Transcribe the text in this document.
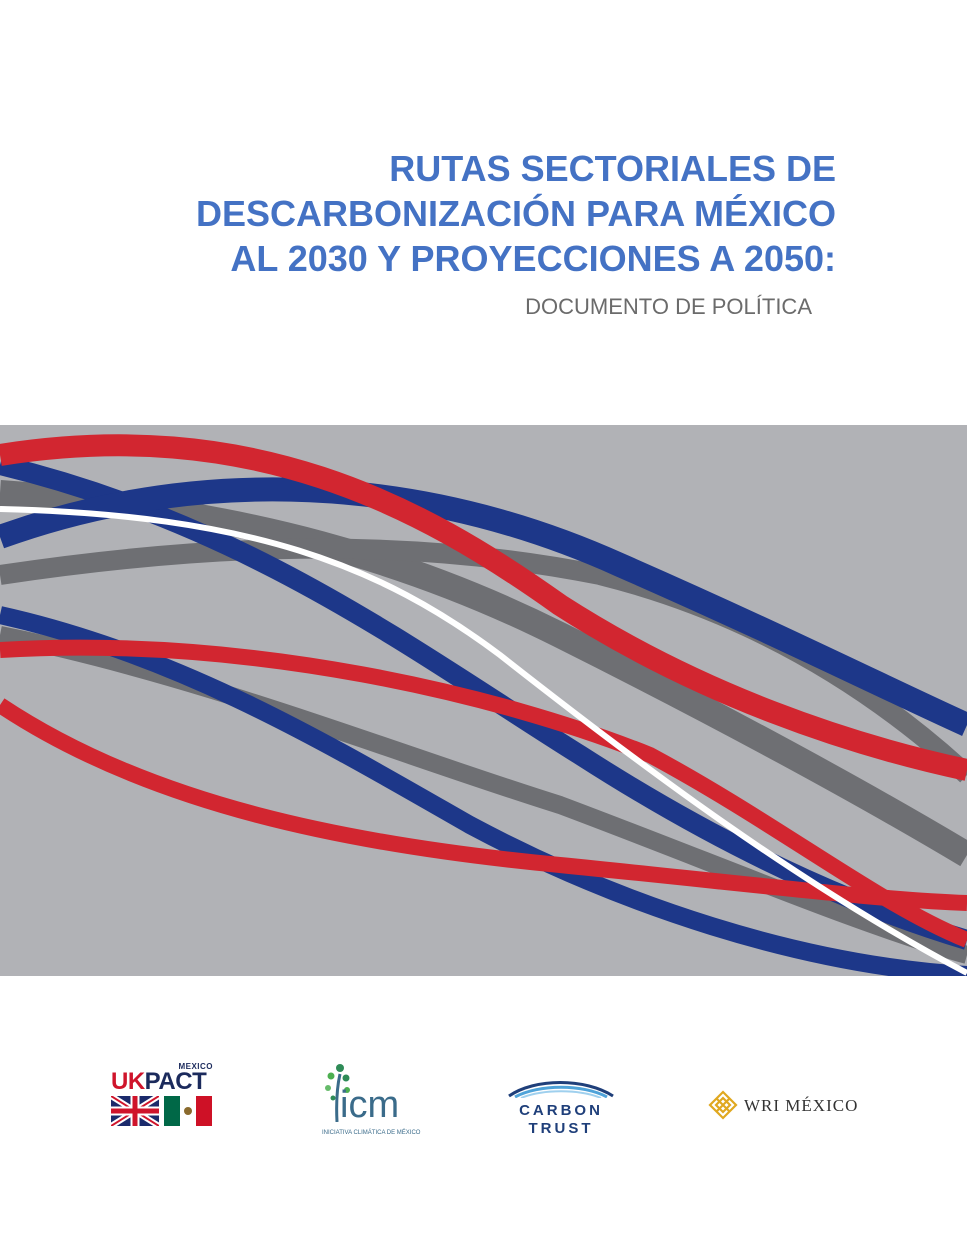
RUTAS SECTORIALES DE
DESCARBONIZACIÓN PARA MÉXICO
AL 2030 Y PROYECCIONES A 2050:
DOCUMENTO DE POLÍTICA
MEXICO
UKPACT
icm
INICIATIVA CLIMÁTICA DE MÉXICO
CARBON
TRUST
WRI MÉXICO
